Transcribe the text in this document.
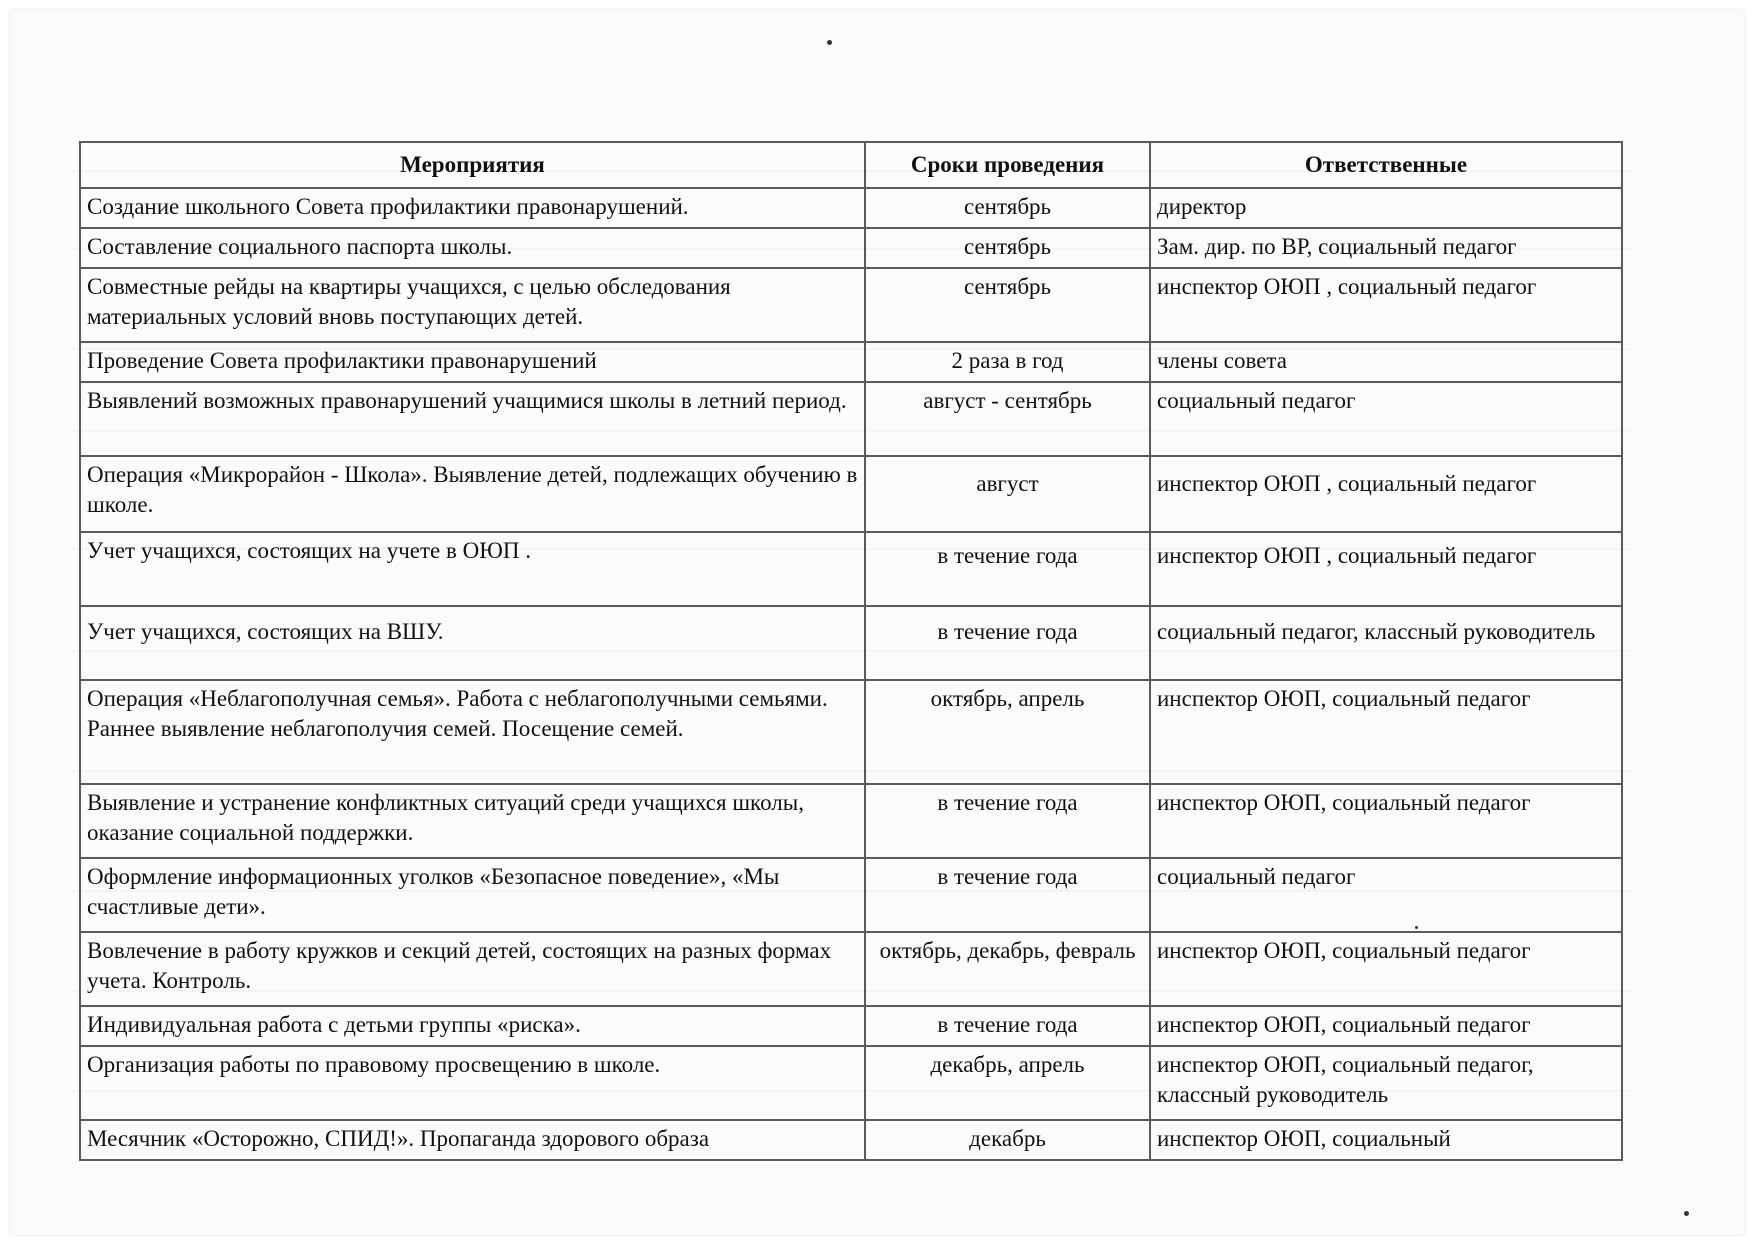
Мероприятия	Сроки проведения	Ответственные
Создание школьного Совета профилактики правонарушений.	сентябрь	директор
Составление социального паспорта школы.	сентябрь	Зам. дир. по ВР, социальный педагог
Совместные рейды на квартиры учащихся, с целью обследования материальных условий вновь поступающих детей.	сентябрь	инспектор ОЮП , социальный педагог
Проведение Совета профилактики правонарушений	2 раза в год	члены совета
Выявлений возможных правонарушений учащимися школы в летний период.	август - сентябрь	социальный педагог
Операция «Микрорайон - Школа». Выявление детей, подлежащих обучению в школе.	август	инспектор ОЮП , социальный педагог
Учет учащихся, состоящих на учете в ОЮП .	в течение года	инспектор ОЮП , социальный педагог
Учет учащихся, состоящих на ВШУ.	в течение года	социальный педагог, классный руководитель
Операция «Неблагополучная семья». Работа с неблагополучными семьями. Раннее выявление неблагополучия семей. Посещение семей.	октябрь, апрель	инспектор ОЮП, социальный педагог
Выявление и устранение конфликтных ситуаций среди учащихся школы, оказание социальной поддержки.	в течение года	инспектор ОЮП, социальный педагог
Оформление информационных уголков «Безопасное поведение», «Мы счастливые дети».	в течение года	социальный педагог
Вовлечение в работу кружков и секций детей, состоящих на разных формах учета. Контроль.	октябрь, декабрь, февраль	инспектор ОЮП, социальный педагог
Индивидуальная работа с детьми группы «риска».	в течение года	инспектор ОЮП, социальный педагог
Организация работы по правовому просвещению в школе.	декабрь, апрель	инспектор ОЮП, социальный педагог, классный руководитель
Месячник «Осторожно, СПИД!». Пропаганда здорового образа	декабрь	инспектор ОЮП, социальный
